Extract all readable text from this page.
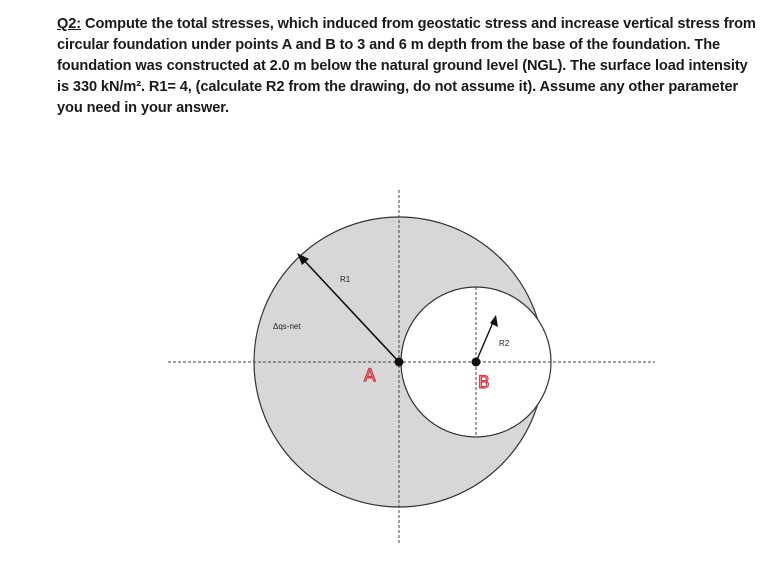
Q2: Compute the total stresses, which induced from geostatic stress and increase vertical stress from circular foundation under points A and B to 3 and 6 m depth from the base of the foundation. The foundation was constructed at 2.0 m below the natural ground level (NGL). The surface load intensity is 330 kN/m². R1= 4, (calculate R2 from the drawing, do not assume it). Assume any other parameter you need in your answer.
R1
R2
Δqs-net
A	B
